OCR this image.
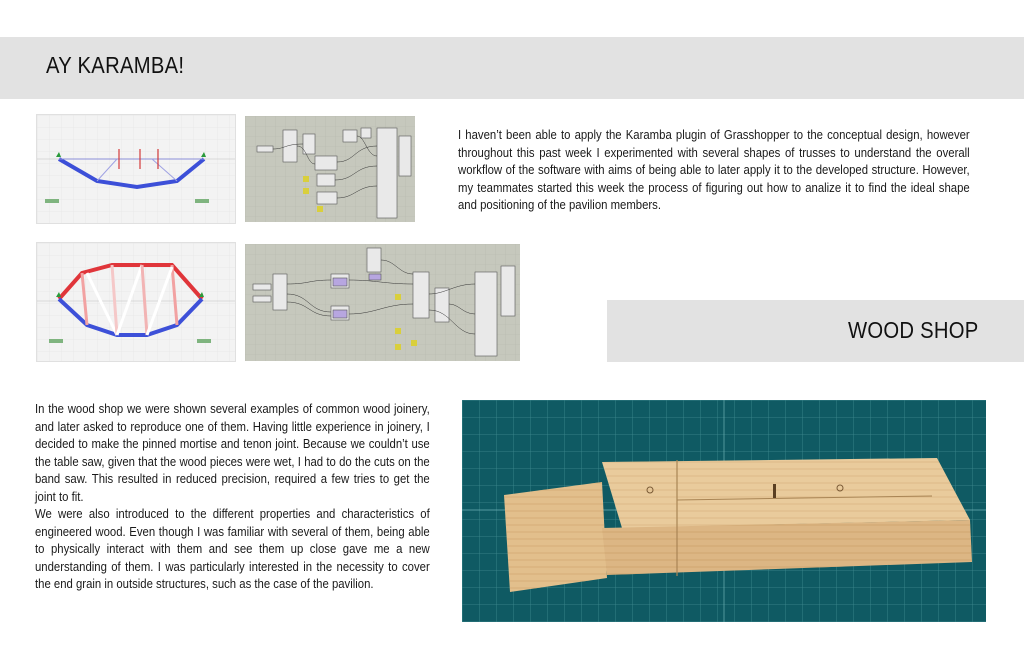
AY KARAMBA!

I haven’t been able to apply the Karamba plugin of Grasshopper to the conceptual design, however throughout this past week I experimented with several shapes of trusses to understand the overall workflow of the software with aims of being able to later apply it to the developed structure. However, my teammates started this week the process of figuring out how to analize it to find the ideal shape and positioning of the pavilion members.

WOOD SHOP

In the wood shop we were shown several examples of common wood joinery, and later asked to reproduce one of them. Having little experience in joinery, I decided to make the pinned mortise and tenon joint. Because we couldn’t use the table saw, given that the wood pieces were wet, I had to do the cuts on the band saw. This resulted in reduced precision, required a few tries to get the joint to fit.

We were also introduced to the different properties and characteristics of engineered wood. Even though I was familiar with several of them, being able to physically interact with them and see them up close gave me a new understanding of them. I was particularly interested in the necessity to cover the end grain in outside structures, such as the case of the pavilion.
